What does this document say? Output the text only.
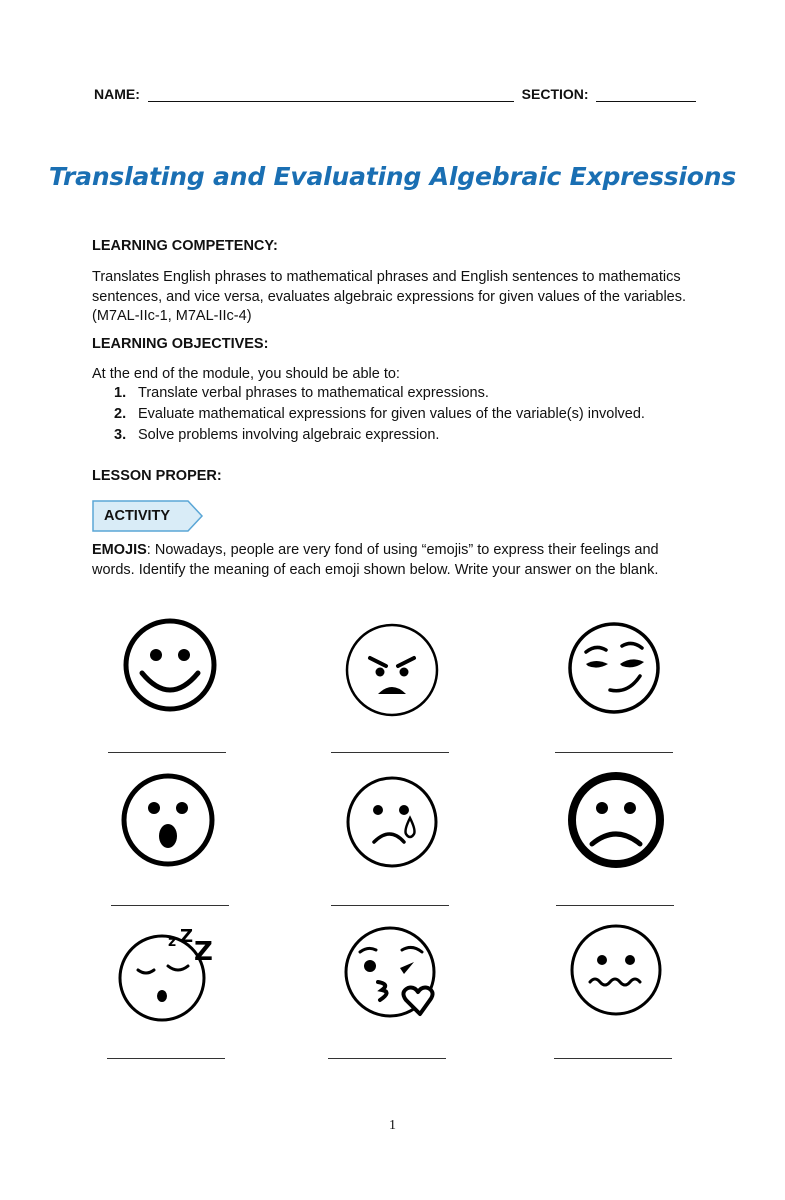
NAME:	SECTION:
Translating and Evaluating Algebraic Expressions
LEARNING COMPETENCY:
Translates English phrases to mathematical phrases and English sentences to mathematics sentences, and vice versa, evaluates algebraic expressions for given values of the variables. (M7AL-IIc-1, M7AL-IIc-4)
LEARNING OBJECTIVES:
At the end of the module, you should be able to:
1. Translate verbal phrases to mathematical expressions.
2. Evaluate mathematical expressions for given values of the variable(s) involved.
3. Solve problems involving algebraic expression.
LESSON PROPER:
ACTIVITY
EMOJIS: Nowadays, people are very fond of using “emojis” to express their feelings and words. Identify the meaning of each emoji shown below. Write your answer on the blank.
z Z
Z
1
